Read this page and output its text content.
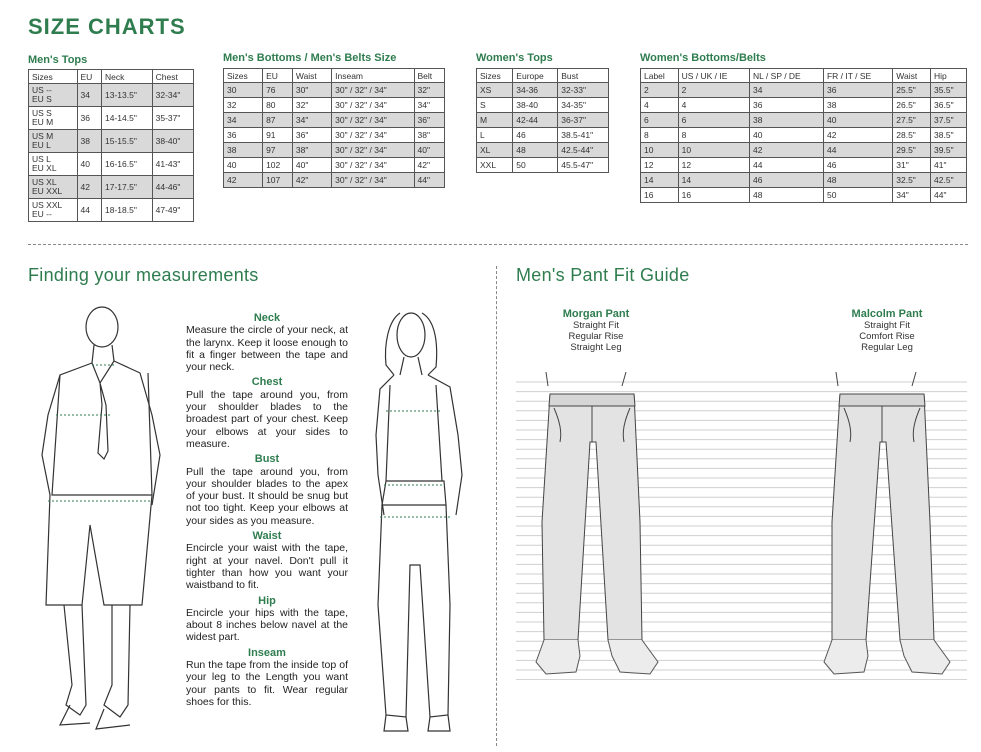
SIZE CHARTS
Men's Tops
Sizes	EU	Neck	Chest

US --
EU S	34	13-13.5"	32-34"

US S
EU M	36	14-14.5"	35-37"

US M
EU L	38	15-15.5"	38-40"

US L
EU XL	40	16-16.5"	41-43"

US XL
EU XXL	42	17-17.5"	44-46"

US XXL
EU --	44	18-18.5"	47-49"
Men's Bottoms / Men's Belts Size
Sizes	EU	Waist	Inseam	Belt
30	76	30"	30" / 32" / 34"	32"
32	80	32"	30" / 32" / 34"	34"
34	87	34"	30" / 32" / 34"	36"
36	91	36"	30" / 32" / 34"	38"
38	97	38"	30" / 32" / 34"	40"
40	102	40"	30" / 32" / 34"	42"
42	107	42"	30" / 32" / 34"	44"
Women's Tops
Sizes	Europe	Bust
XS	34-36	32-33"
S	38-40	34-35"
M	42-44	36-37"
L	46	38.5-41"
XL	48	42.5-44"
XXL	50	45.5-47"
Women's Bottoms/Belts
Label	US / UK / IE	NL / SP / DE	FR / IT / SE	Waist	Hip
2	2	34	36	25.5"	35.5"
4	4	36	38	26.5"	36.5"
6	6	38	40	27.5"	37.5"
8	8	40	42	28.5"	38.5"
10	10	42	44	29.5"	39.5"
12	12	44	46	31"	41"
14	14	46	48	32.5"	42.5"
16	16	48	50	34"	44"
Finding your measurements
Neck

Measure the circle of your neck, at the larynx. Keep it loose enough to fit a finger between the tape and your neck.

Chest

Pull the tape around you, from your shoulder blades to the broadest part of your chest. Keep your elbows at your sides to measure.

Bust

Pull the tape around you, from your shoulder blades to the apex of your bust. It should be snug but not too tight. Keep your elbows at your sides as you measure.

Waist

Encircle your waist with the tape, right at your navel. Don't pull it tighter than how you want your waistband to fit.

Hip

Encircle your hips with the tape, about 8 inches below navel at the widest part.

Inseam

Run the tape from the inside top of your leg to the Length you want your pants to fit. Wear regular shoes for this.

Men's Pant Fit Guide
Morgan Pant
Straight Fit
Regular Rise
Straight Leg
Malcolm Pant
Straight Fit
Comfort Rise
Regular Leg
